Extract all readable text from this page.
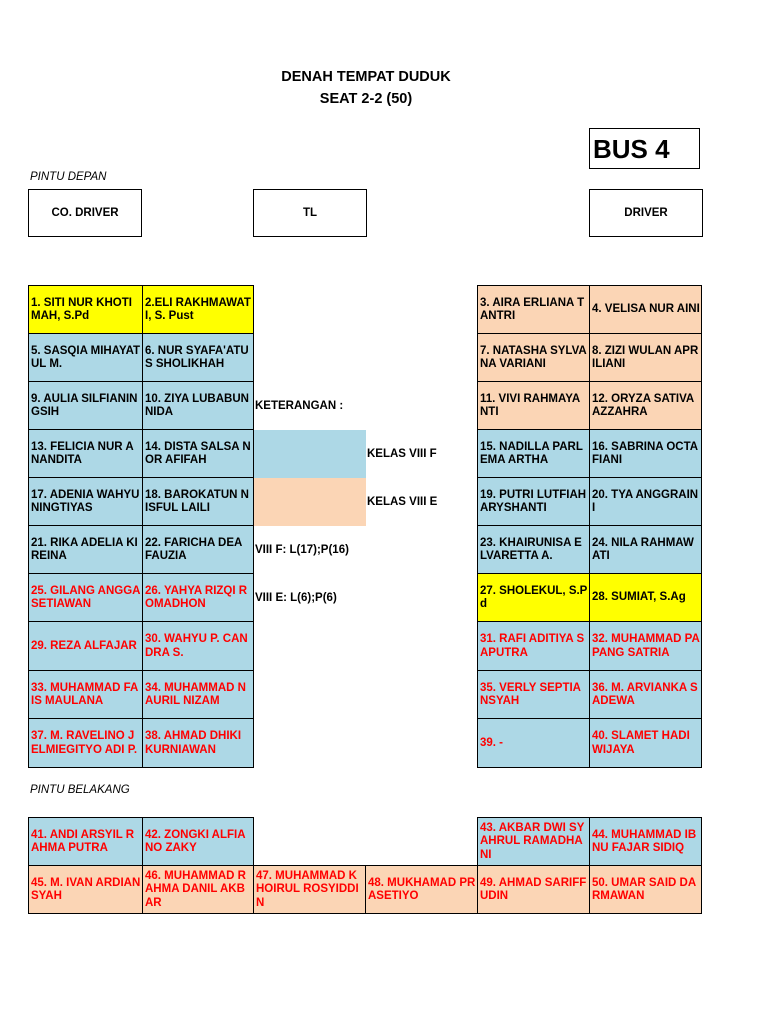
DENAH TEMPAT DUDUK
SEAT 2-2 (50)
BUS 4
PINTU DEPAN
CO. DRIVER	TL	DRIVER
1. SITI NUR KHOTIMAH, S.Pd
2.ELI RAKHMAWATI, S. Pust
3. AIRA ERLIANA TANTRI
4. VELISA NUR AINI
5. SASQIA MIHAYATUL M.
6. NUR SYAFA'ATUS SHOLIKHAH
7. NATASHA SYLVANA VARIANI
8. ZIZI WULAN APRILIANI
9. AULIA SILFIANINGSIH
10. ZIYA LUBABUN NIDA
KETERANGAN :
11. VIVI RAHMAYANTI
12. ORYZA SATIVA AZZAHRA
13. FELICIA NUR ANANDITA
14. DISTA SALSA NOR AFIFAH
KELAS VIII F
15. NADILLA PARLEMA ARTHA
16. SABRINA OCTAFIANI
17. ADENIA WAHYUNINGTIYAS
18. BAROKATUN NISFUL LAILI
KELAS VIII E
19. PUTRI LUTFIAH ARYSHANTI
20. TYA ANGGRAINI
21. RIKA ADELIA KIREINA
22. FARICHA DEA FAUZIA
VIII F: L(17);P(16)
23. KHAIRUNISA ELVARETTA A.
24. NILA RAHMAWATI
25. GILANG ANGGA SETIAWAN
26. YAHYA RIZQI ROMADHON
VIII E: L(6);P(6)
27. SHOLEKUL, S.Pd
28. SUMIAT, S.Ag
29. REZA ALFAJAR
30. WAHYU P. CANDRA S.
31. RAFI ADITIYA SAPUTRA
32. MUHAMMAD PAPANG SATRIA
33. MUHAMMAD FAIS MAULANA
34. MUHAMMAD NAURIL NIZAM
35. VERLY SEPTIANSYAH
36. M. ARVIANKA SADEWA
37. M. RAVELINO JELMIEGITYO ADI P.
38. AHMAD DHIKI KURNIAWAN
39. -
40. SLAMET HADI WIJAYA
PINTU BELAKANG
41. ANDI ARSYIL RAHMA PUTRA
42. ZONGKI ALFIANO ZAKY
43. AKBAR DWI SYAHRUL RAMADHANI
44. MUHAMMAD IBNU FAJAR SIDIQ
45. M. IVAN ARDIANSYAH
46. MUHAMMAD RAHMA DANIL AKBAR
47. MUHAMMAD KHOIRUL ROSYIDDIN
48. MUKHAMAD PRASETIYO
49. AHMAD SARIFFUDIN
50. UMAR SAID DARMAWAN
